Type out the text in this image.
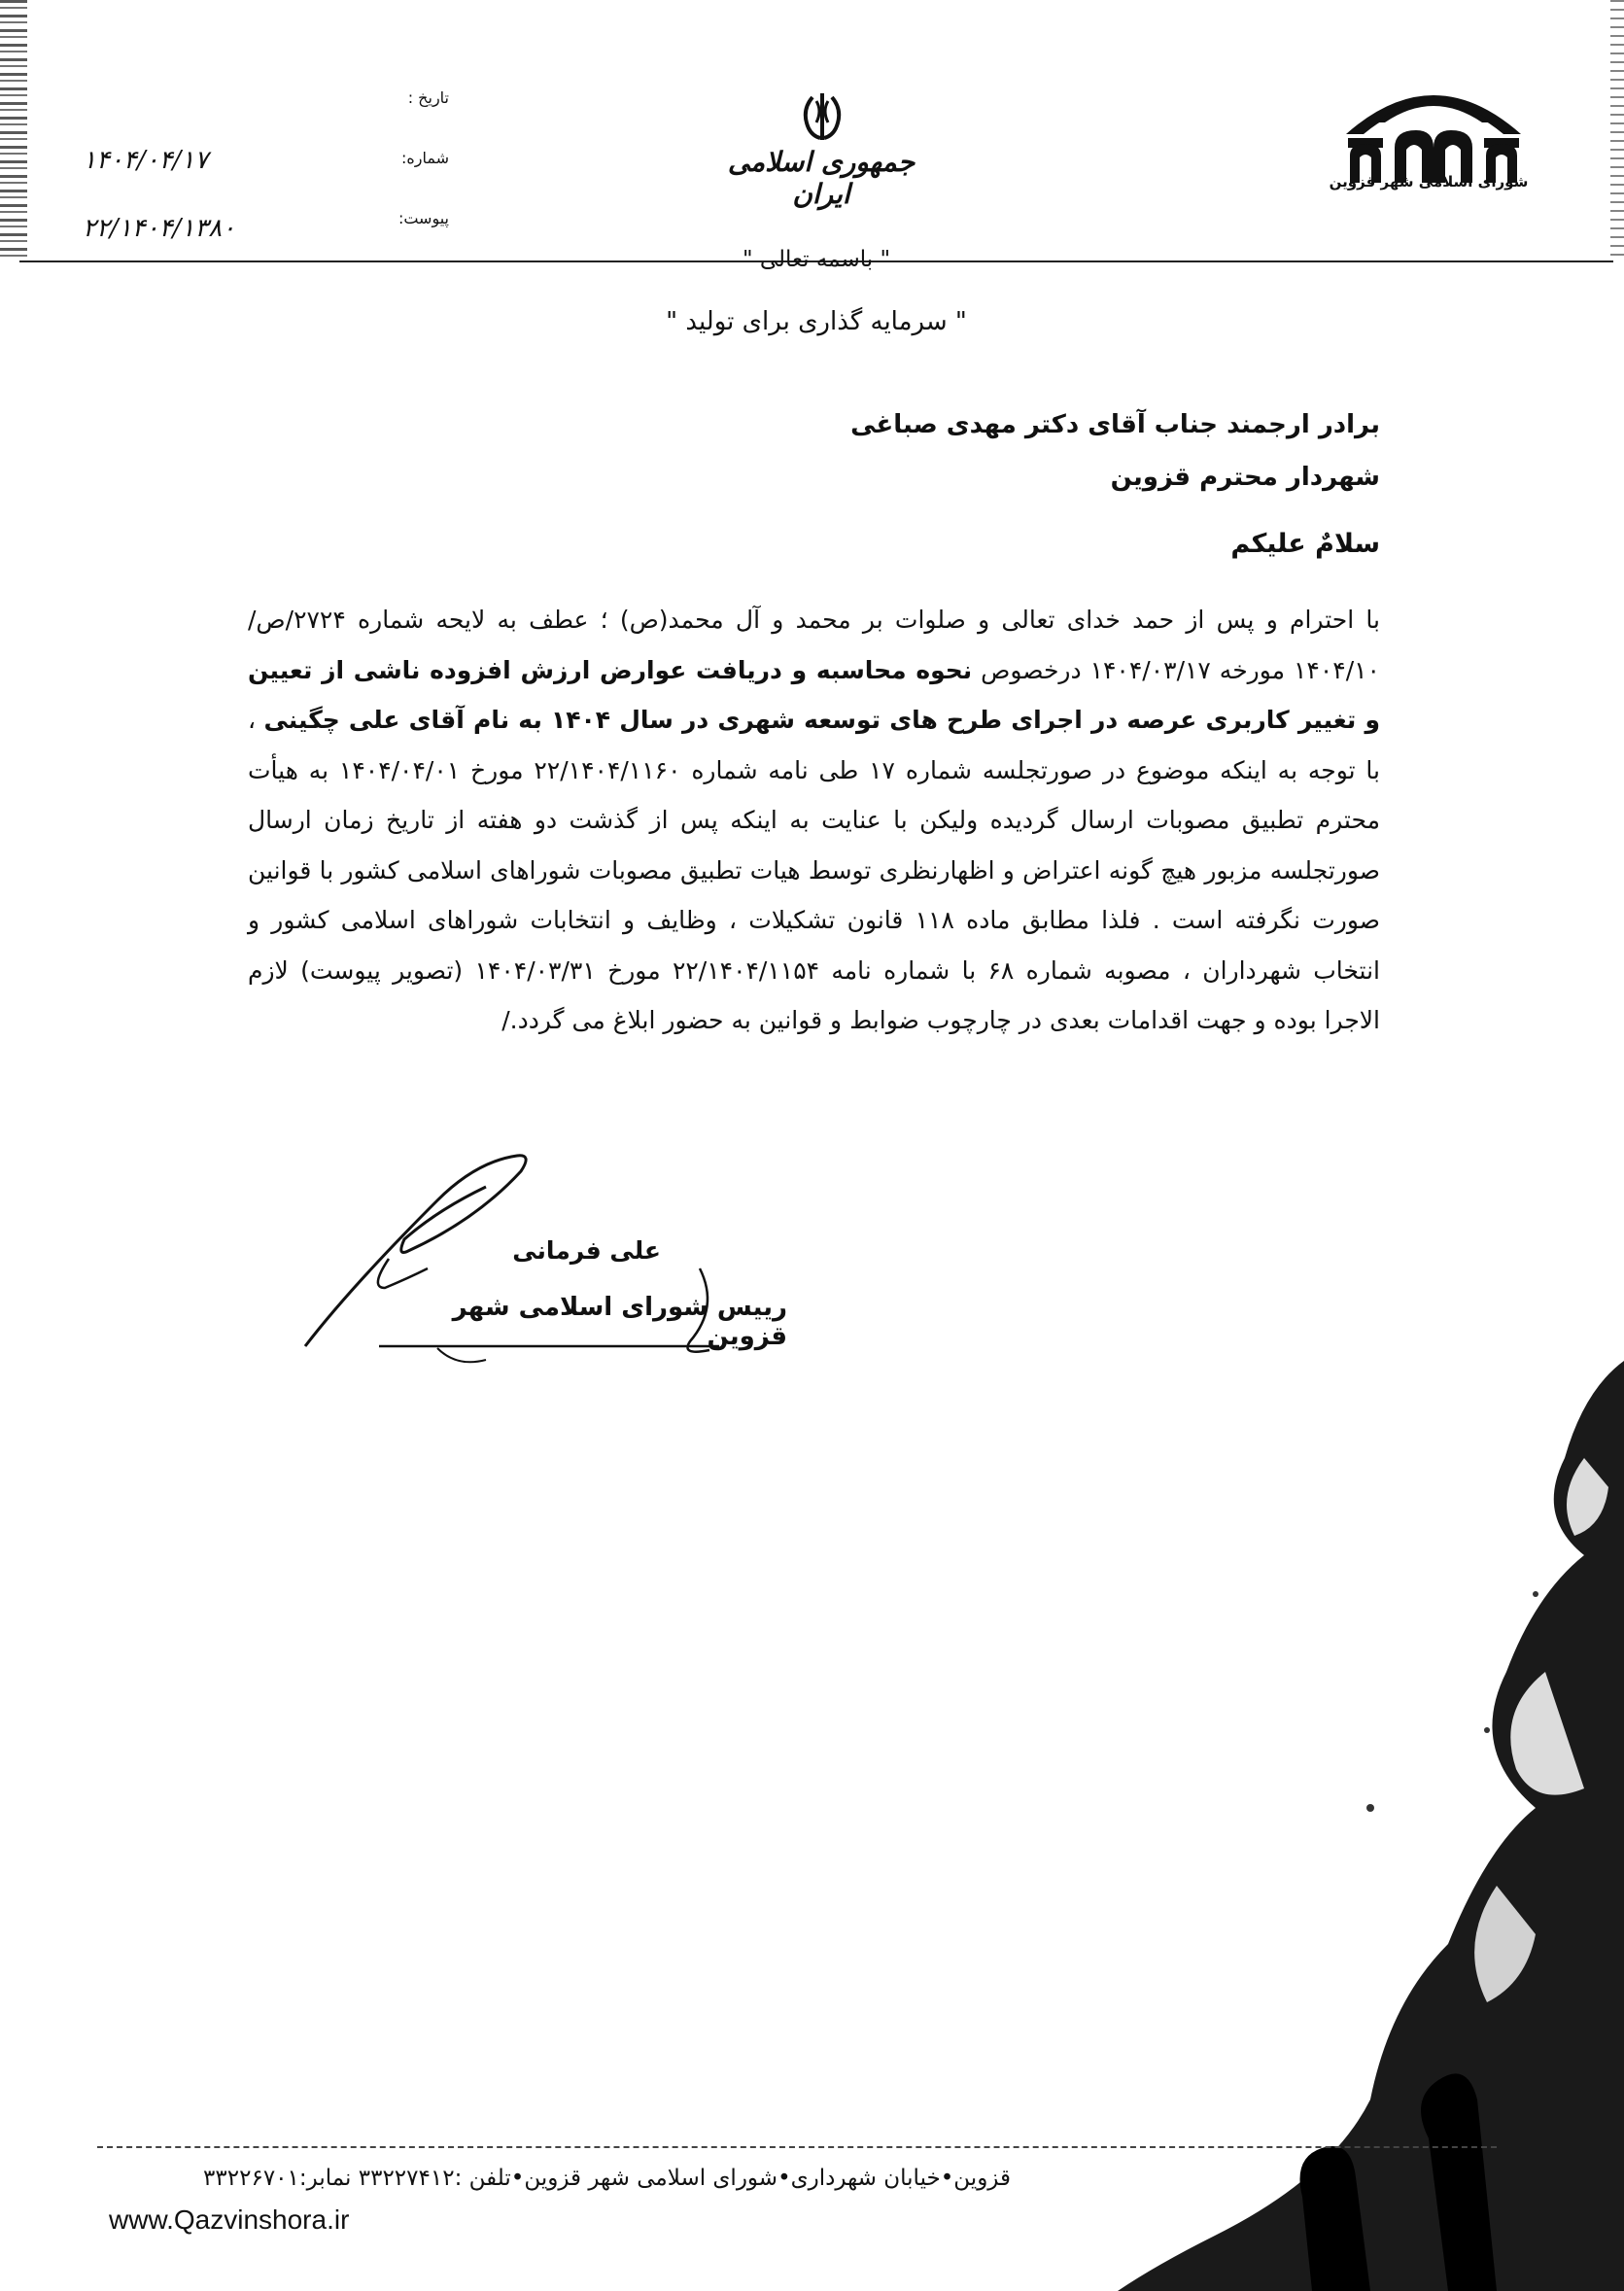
شورای اسلامی شهر قزوین
جمهوری اسلامی ایران
تاریخ :
شماره:
پیوست:
۱۴۰۴/۰۴/۱۷
۲۲/۱۴۰۴/۱۳۸۰
" باسمه تعالی "
" سرمایه گذاری برای تولید "
برادر ارجمند جناب آقای دکتر مهدی صباغی
شهردار محترم قزوین
سلامٌ علیکم
با احترام و پس از حمد خدای تعالی و صلوات بر محمد و آل محمد(ص) ؛ عطف به لایحه شماره ۲۷۲۴/ص/۱۴۰۴/۱۰ مورخه ۱۴۰۴/۰۳/۱۷ درخصوص نحوه محاسبه و دریافت عوارض ارزش افزوده ناشی از تعیین و تغییر کاربری عرصه در اجرای طرح های توسعه شهری در سال ۱۴۰۴ به نام آقای علی چگینی ، با توجه به اینکه موضوع در صورتجلسه شماره ۱۷ طی نامه شماره ۲۲/۱۴۰۴/۱۱۶۰ مورخ ۱۴۰۴/۰۴/۰۱ به هیأت محترم تطبیق مصوبات ارسال گردیده ولیکن با عنایت به اینکه پس از گذشت دو هفته از تاریخ زمان ارسال صورتجلسه مزبور هیچ گونه اعتراض و اظهارنظری توسط هیات تطبیق مصوبات شوراهای اسلامی کشور با قوانین صورت نگرفته است . فلذا مطابق ماده ۱۱۸ قانون تشکیلات ، وظایف و انتخابات شوراهای اسلامی کشور و انتخاب شهرداران ، مصوبه شماره ۶۸ با شماره نامه ۲۲/۱۴۰۴/۱۱۵۴ مورخ ۱۴۰۴/۰۳/۳۱ (تصویر پیوست) لازم الاجرا بوده و جهت اقدامات بعدی در چارچوب ضوابط و قوانین به حضور ابلاغ می گردد./
علی فرمانی
رییس شورای اسلامی شهر قزوین
قزوین•خیابان شهرداری•شورای اسلامی شهر قزوین•تلفن :۳۳۲۲۷۴۱۲ نمابر:۳۳۲۲۶۷۰۱
www.Qazvinshora.ir
